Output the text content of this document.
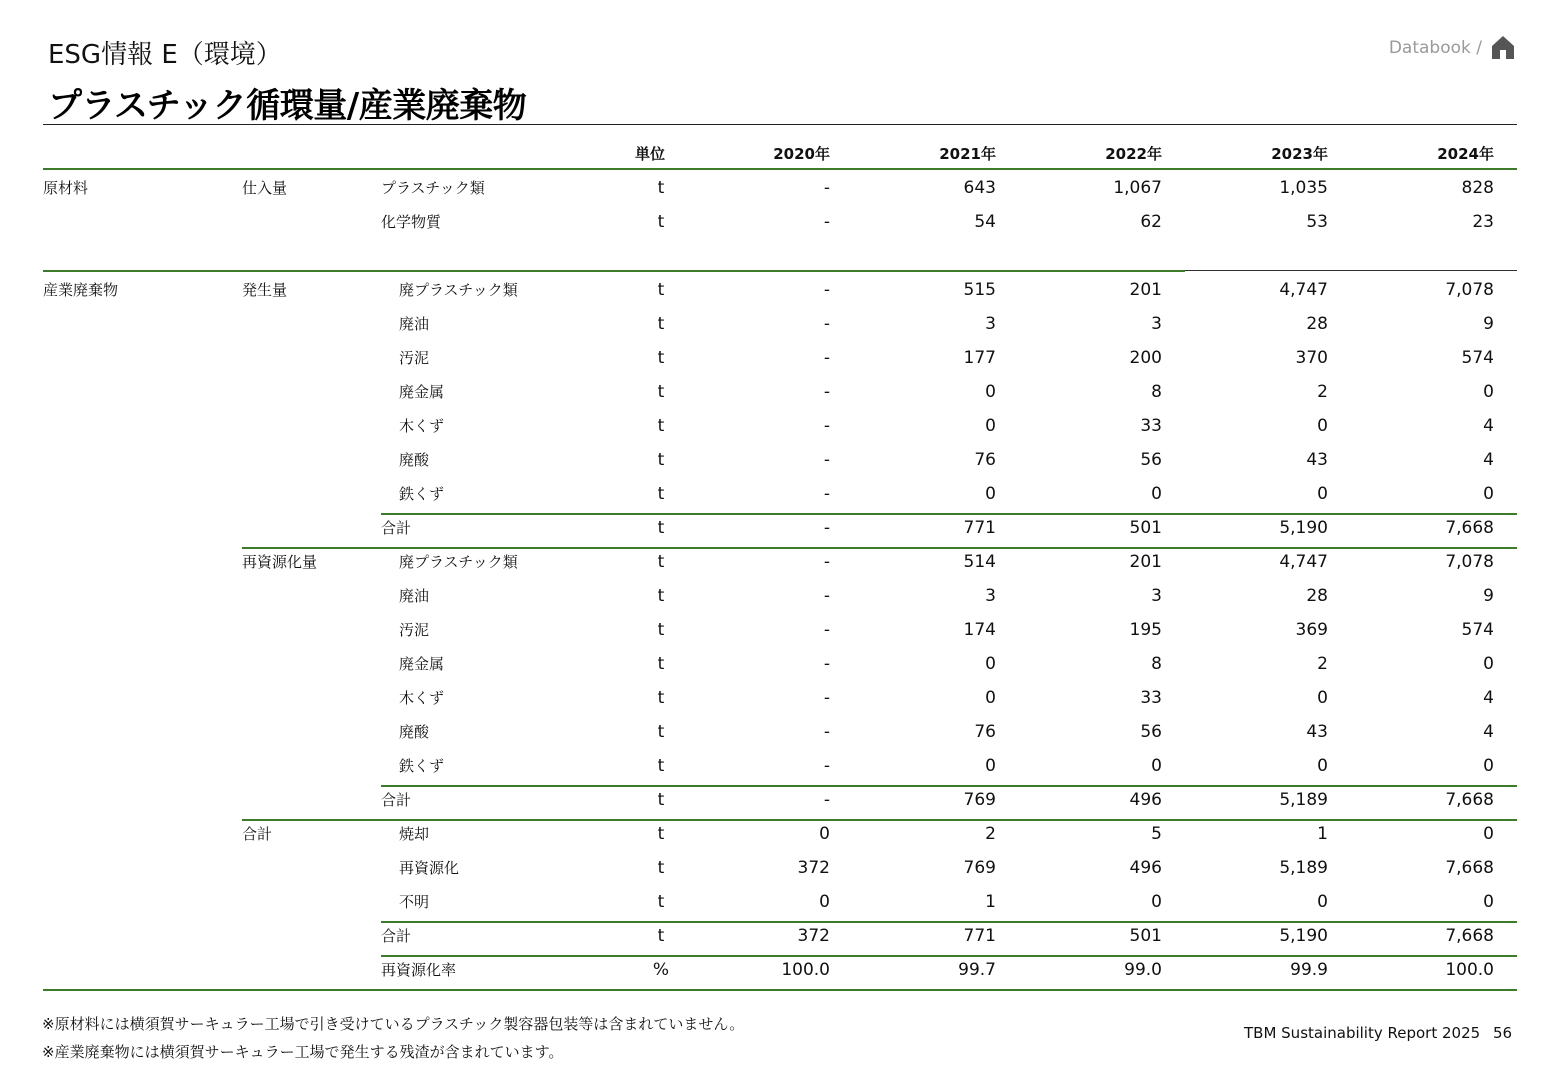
ESG情報 E（環境）
プラスチック循環量/産業廃棄物
Databook /
単位	2020年	2021年	2022年	2023年	2024年
原材料	仕入量	プラスチック類	t	-	643	1,067	1,035	828
化学物質	t	-	54	62	53	23
産業廃棄物	発生量	廃プラスチック類	t	-	515	201	4,747	7,078
廃油	t	-	3	3	28	9
汚泥	t	-	177	200	370	574
廃金属	t	-	0	8	2	0
木くず	t	-	0	33	0	4
廃酸	t	-	76	56	43	4
鉄くず	t	-	0	0	0	0
合計	t	-	771	501	5,190	7,668
再資源化量	廃プラスチック類	t	-	514	201	4,747	7,078
廃油	t	-	3	3	28	9
汚泥	t	-	174	195	369	574
廃金属	t	-	0	8	2	0
木くず	t	-	0	33	0	4
廃酸	t	-	76	56	43	4
鉄くず	t	-	0	0	0	0
合計	t	-	769	496	5,189	7,668
合計	焼却	t	0	2	5	1	0
再資源化	t	372	769	496	5,189	7,668
不明	t	0	1	0	0	0
合計	t	372	771	501	5,190	7,668
再資源化率	%	100.0	99.7	99.0	99.9	100.0
※原材料には横須賀サーキュラー工場で引き受けているプラスチック製容器包装等は含まれていません。
※産業廃棄物には横須賀サーキュラー工場で発生する残渣が含まれています。
TBM Sustainability Report 2025 56
